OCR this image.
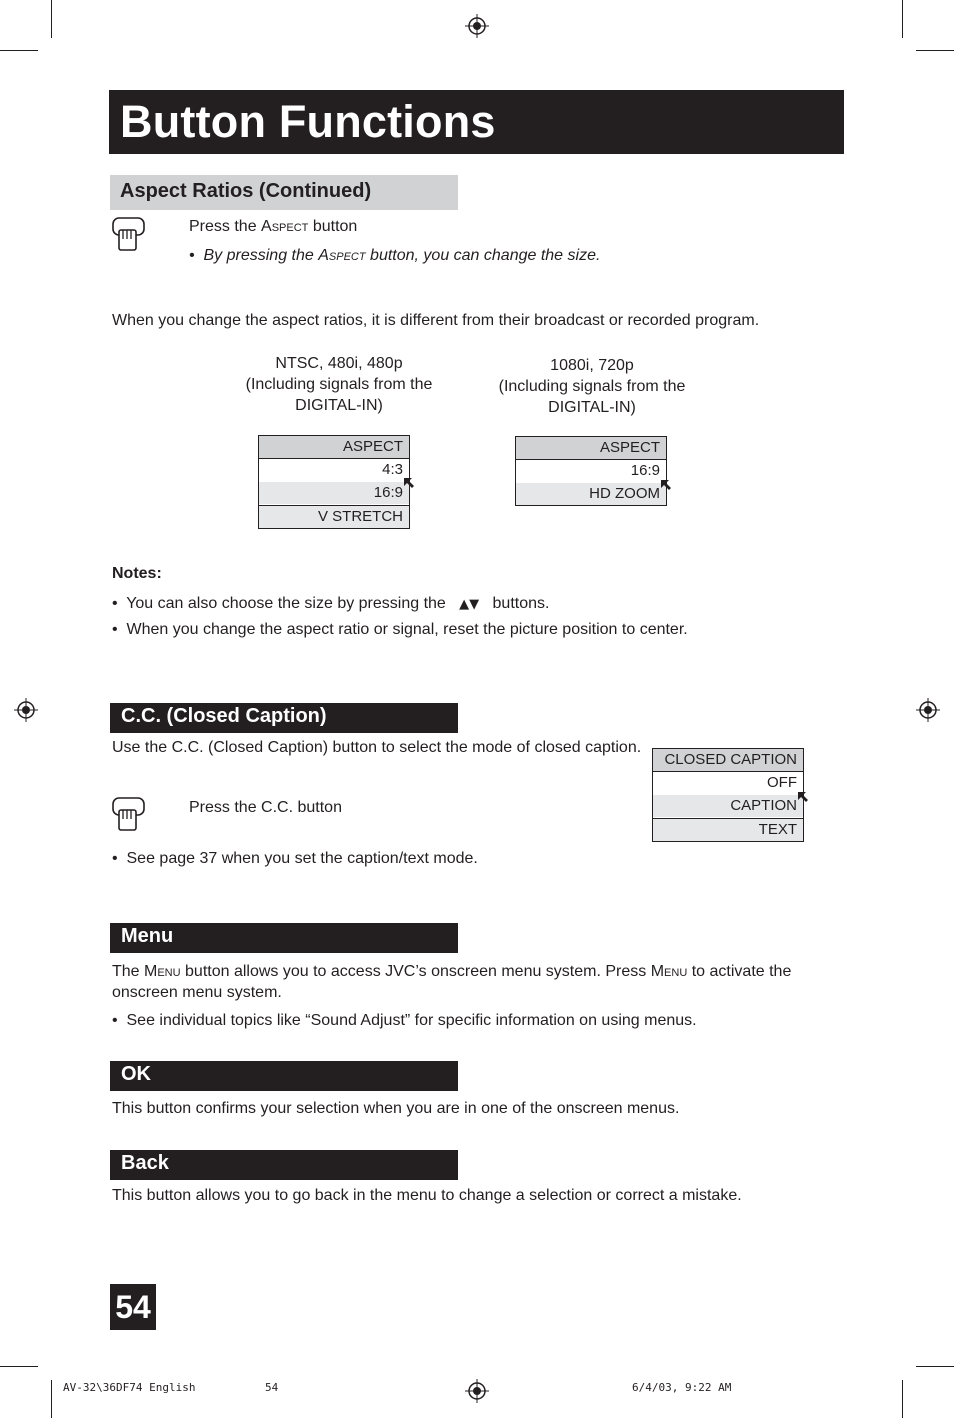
Button Functions
Aspect Ratios (Continued)
Press the Aspect button
•  By pressing the Aspect button, you can change the size.
When you change the aspect ratios, it is different from their broadcast or recorded program.
NTSC, 480i, 480p
(Including signals from the
DIGITAL-IN)
1080i, 720p
(Including signals from the
DIGITAL-IN)
ASPECT
4:3
16:9
V STRETCH
ASPECT
16:9
HD ZOOM
Notes:
•  You can also choose the size by pressing the ▲▼ buttons.
•  When you change the aspect ratio or signal, reset the picture position to center.
C.C. (Closed Caption)
Use the C.C. (Closed Caption) button to select the mode of closed caption.
Press the C.C. button
•  See page 37 when you set the caption/text mode.
CLOSED CAPTION
OFF
CAPTION
TEXT
Menu
The Menu button allows you to access JVC’s onscreen menu system. Press Menu to activate the onscreen menu system.
•  See individual topics like “Sound Adjust” for specific information on using menus.
OK
This button confirms your selection when you are in one of the onscreen menus.
Back
This button allows you to go back in the menu to change a selection or correct a mistake.
54
AV-32\36DF74 English	54	6/4/03, 9:22 AM
